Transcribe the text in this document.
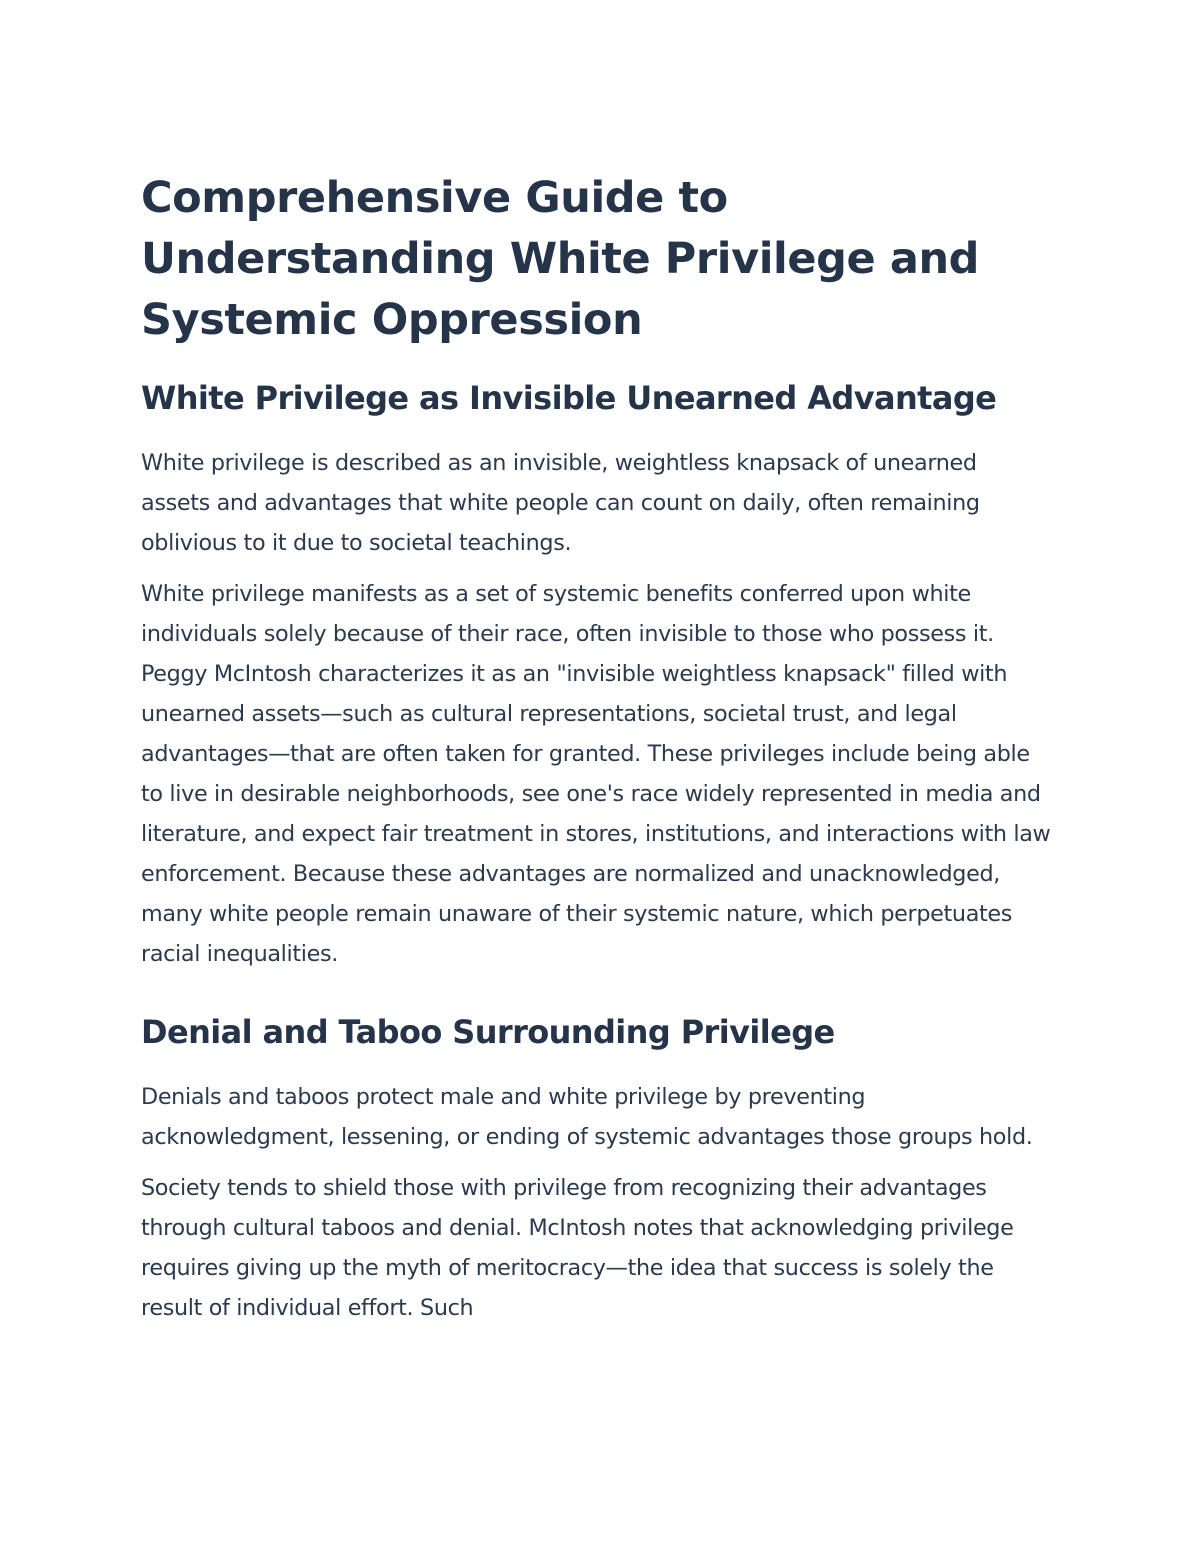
Comprehensive Guide to Understanding White Privilege and Systemic Oppression
White Privilege as Invisible Unearned Advantage

White privilege is described as an invisible, weightless knapsack of unearned assets and advantages that white people can count on daily, often remaining oblivious to it due to societal teachings.

White privilege manifests as a set of systemic benefits conferred upon white individuals solely because of their race, often invisible to those who possess it. Peggy McIntosh characterizes it as an "invisible weightless knapsack" filled with unearned assets—such as cultural representations, societal trust, and legal advantages—that are often taken for granted. These privileges include being able to live in desirable neighborhoods, see one's race widely represented in media and literature, and expect fair treatment in stores, institutions, and interactions with law enforcement. Because these advantages are normalized and unacknowledged, many white people remain unaware of their systemic nature, which perpetuates racial inequalities.

Denial and Taboo Surrounding Privilege

Denials and taboos protect male and white privilege by preventing acknowledgment, lessening, or ending of systemic advantages those groups hold.

Society tends to shield those with privilege from recognizing their advantages through cultural taboos and denial. McIntosh notes that acknowledging privilege requires giving up the myth of meritocracy—the idea that success is solely the result of individual effort. Such
